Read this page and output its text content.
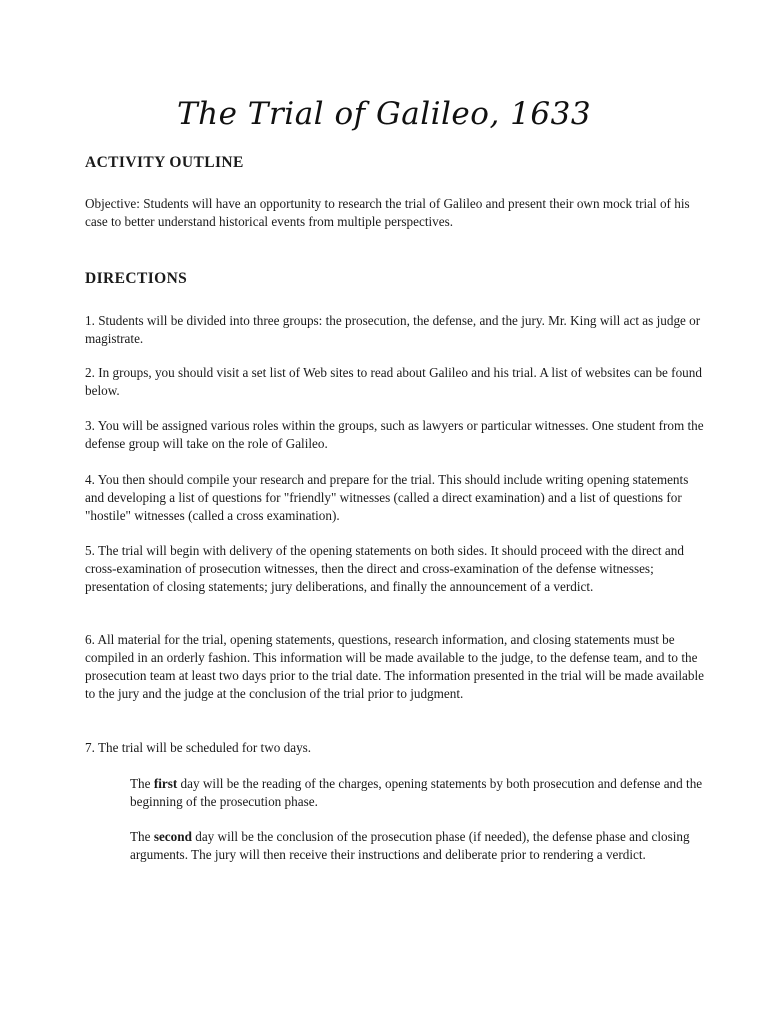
The Trial of Galileo, 1633
ACTIVITY OUTLINE

Objective: Students will have an opportunity to research the trial of Galileo and present their own mock trial of his case to better understand historical events from multiple perspectives.

DIRECTIONS

1. Students will be divided into three groups: the prosecution, the defense, and the jury. Mr. King will act as judge or magistrate.

2. In groups, you should visit a set list of Web sites to read about Galileo and his trial. A list of websites can be found below.

3. You will be assigned various roles within the groups, such as lawyers or particular witnesses. One student from the defense group will take on the role of Galileo.

4. You then should compile your research and prepare for the trial. This should include writing opening statements and developing a list of questions for "friendly" witnesses (called a direct examination) and a list of questions for "hostile" witnesses (called a cross examination).

5. The trial will begin with delivery of the opening statements on both sides. It should proceed with the direct and cross-examination of prosecution witnesses, then the direct and cross-examination of the defense witnesses; presentation of closing statements; jury deliberations, and finally the announcement of a verdict.

6. All material for the trial, opening statements, questions, research information, and closing statements must be compiled in an orderly fashion. This information will be made available to the judge, to the defense team, and to the prosecution team at least two days prior to the trial date. The information presented in the trial will be made available to the jury and the judge at the conclusion of the trial prior to judgment.

7. The trial will be scheduled for two days.

The first day will be the reading of the charges, opening statements by both prosecution and defense and the beginning of the prosecution phase.

The second day will be the conclusion of the prosecution phase (if needed), the defense phase and closing arguments. The jury will then receive their instructions and deliberate prior to rendering a verdict.
